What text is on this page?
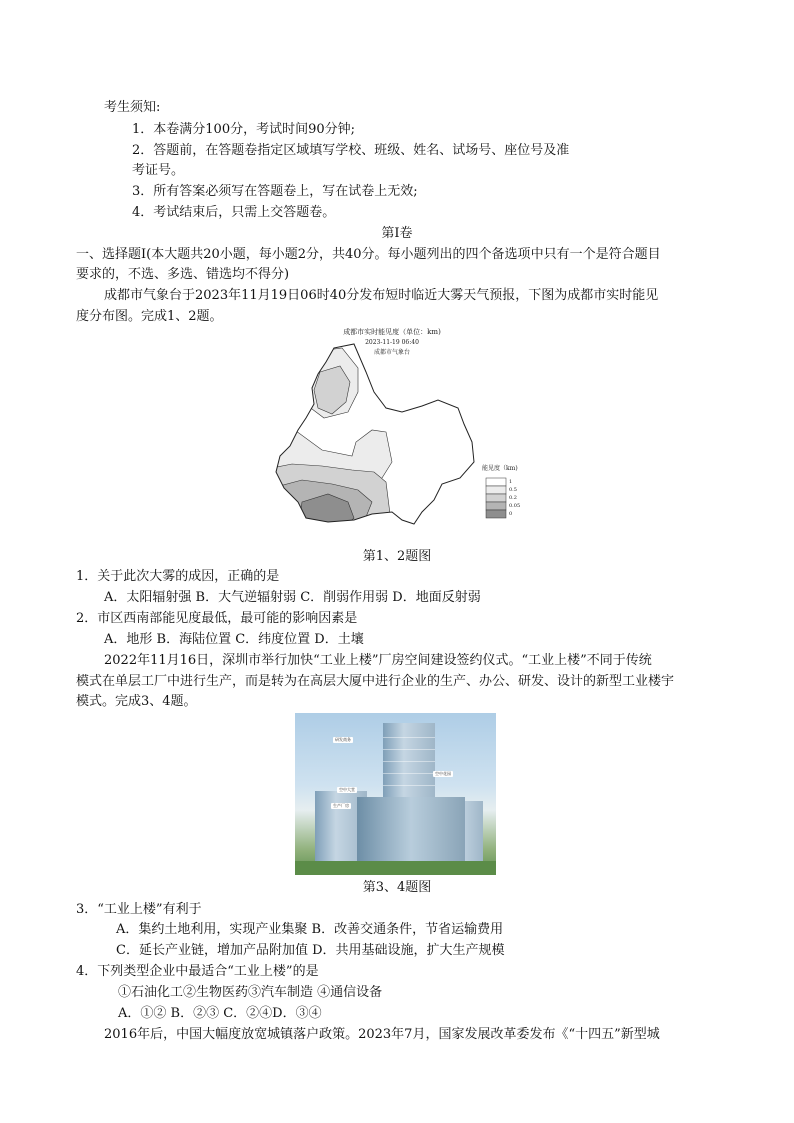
考生须知:
1．本卷满分100分，考试时间90分钟;
2．答题前，在答题卷指定区域填写学校、班级、姓名、试场号、座位号及准
考证号。
3．所有答案必须写在答题卷上，写在试卷上无效;
4．考试结束后，只需上交答题卷。
第Ⅰ卷
一、选择题Ⅰ(本大题共20小题，每小题2分，共40分。每小题列出的四个备选项中只有一个是符合题目
要求的，不选、多选、错选均不得分)
成都市气象台于2023年11月19日06时40分发布短时临近大雾天气预报，下图为成都市实时能见
度分布图。完成1、2题。
成都市实时能见度（单位：km)
2023-11-19 06:40
成都市气象台
能见度（km)
1
0.5
0.2
0.05
0
第1、2题图
1．关于此次大雾的成因，正确的是
A．太阳辐射强 B．大气逆辐射弱 C．削弱作用弱 D．地面反射弱
2．市区西南部能见度最低，最可能的影响因素是
A．地形 B．海陆位置 C．纬度位置 D．土壤
2022年11月16日，深圳市举行加快“工业上楼”厂房空间建设签约仪式。“工业上楼”不同于传统
模式在单层工厂中进行生产，而是转为在高层大厦中进行企业的生产、办公、研发、设计的新型工业楼宇
模式。完成3、4题。
研发商务
空中花园
空中大堂
生产厂房
第3、4题图
3．“工业上楼”有利于
A．集约土地利用，实现产业集聚 B．改善交通条件，节省运输费用
C．延长产业链，增加产品附加值 D．共用基础设施，扩大生产规模
4．下列类型企业中最适合“工业上楼”的是
①石油化工②生物医药③汽车制造 ④通信设备
A．①② B．②③ C．②④D．③④
2016年后，中国大幅度放宽城镇落户政策。2023年7月，国家发展改革委发布《“十四五”新型城
